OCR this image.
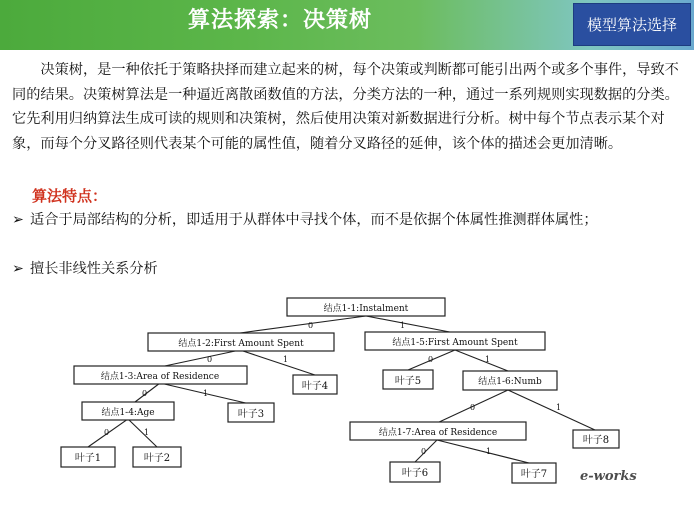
算法探索：决策树	模型算法选择
决策树，是一种依托于策略抉择而建立起来的树，每个决策或判断都可能引出两个或多个事件，导致不同的结果。决策树算法是一种逼近离散函数值的方法，分类方法的一种，通过一系列规则实现数据的分类。它先利用归纳算法生成可读的规则和决策树，然后使用决策对新数据进行分析。树中每个节点表示某个对象，而每个分叉路径则代表某个可能的属性值，随着分叉路径的延伸，该个体的描述会更加清晰。
算法特点：
➢ 适合于局部结构的分析，即适用于从群体中寻找个体，而不是依据个体属性推测群体属性；
➢ 擅长非线性关系分析
0	1
0	1
0	1
0	1
0	1
0	1
0	1
结点1-1:Instalment
结点1-2:First Amount Spent	结点1-5:First Amount Spent
结点1-3:Area of Residence
叶子4	叶子5	结点1-6:Numb
结点1-4:Age	叶子3
结点1-7:Area of Residence
叶子8
叶子1	叶子2
叶子6	叶子7	e-works
